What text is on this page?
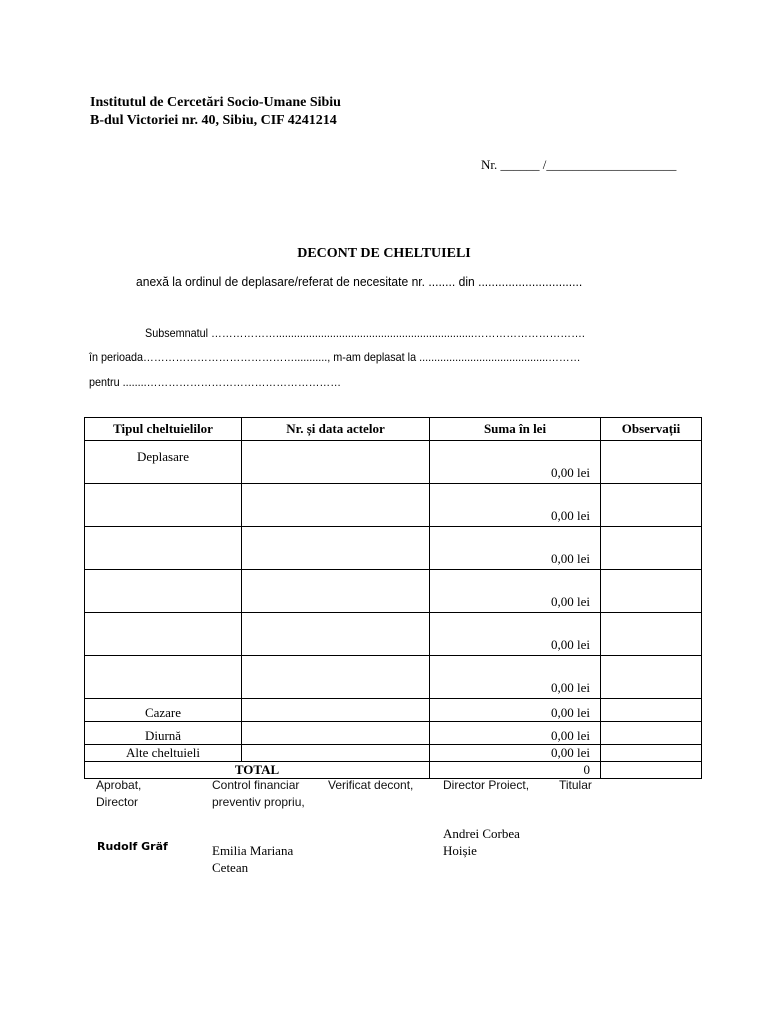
Institutul de Cercetări Socio-Umane Sibiu
B-dul Victoriei nr. 40, Sibiu, CIF 4241214
Nr. ______ /____________________
DECONT DE CHELTUIELI
anexă la ordinul de deplasare/referat de necesitate nr. ........ din ...............................
Subsemnatul ………………..................................................................………………………….
în perioada……………………………………..........., m-am deplasat la ...........................................………
pentru ........………………………………………………
Tipul cheltuielilor	Nr. și data actelor	Suma în lei	Observații
Deplasare		0,00 lei	
		0,00 lei	
		0,00 lei	
		0,00 lei	
		0,00 lei	
		0,00 lei	
Cazare		0,00 lei	
Diurnă		0,00 lei	
Alte cheltuieli		0,00 lei	
TOTAL		0	
Aprobat,
Director
Rudolf Gräf
Control financiar
preventiv propriu,
Emilia Mariana
Cetean
Verificat decont, Director Proiect,
Andrei Corbea
Hoișie
Titular
